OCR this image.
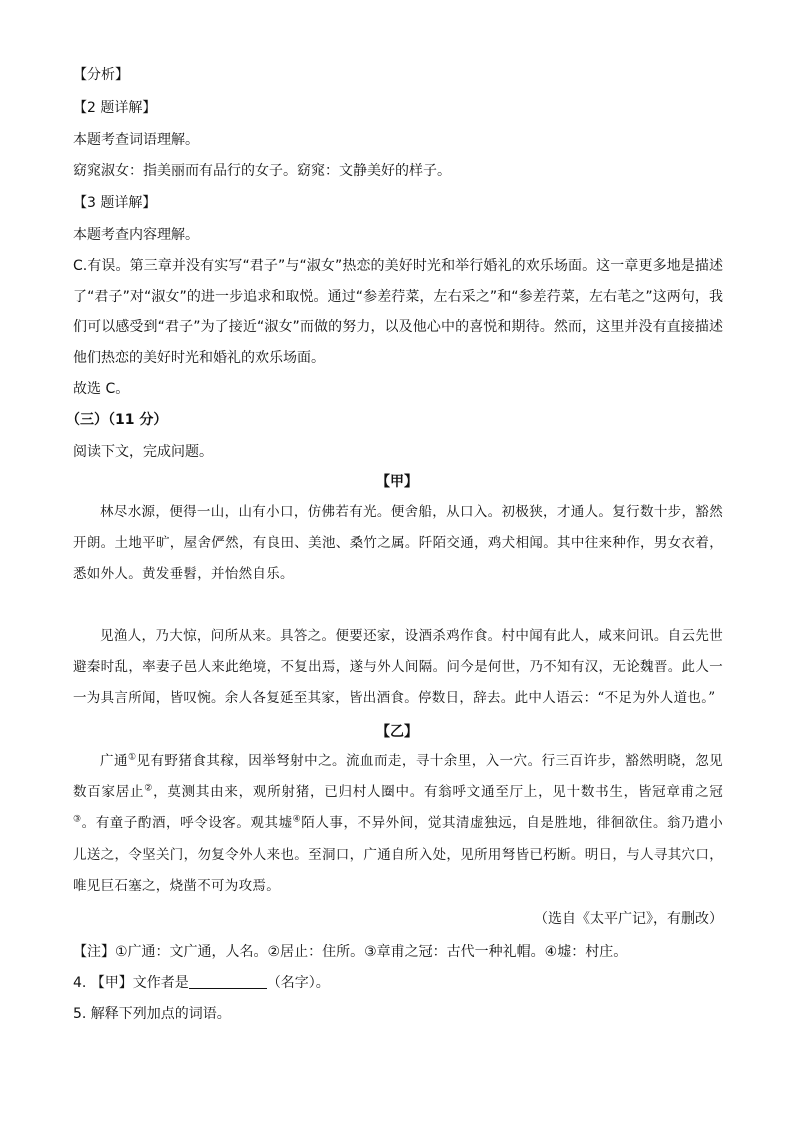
【分析】

【2 题详解】

本题考查词语理解。

窈窕淑女：指美丽而有品行的女子。窈窕：文静美好的样子。

【3 题详解】

本题考查内容理解。

C.有误。第三章并没有实写“君子”与“淑女”热恋的美好时光和举行婚礼的欢乐场面。这一章更多地是描述了“君子”对“淑女”的进一步追求和取悦。通过“参差荇菜，左右采之”和“参差荇菜，左右芼之”这两句，我们可以感受到“君子”为了接近“淑女”而做的努力，以及他心中的喜悦和期待。然而，这里并没有直接描述他们热恋的美好时光和婚礼的欢乐场面。

故选 C。

（三）（11 分）

阅读下文，完成问题。

【甲】

林尽水源，便得一山，山有小口，仿佛若有光。便舍船，从口入。初极狭，才通人。复行数十步，豁然开朗。土地平旷，屋舍俨然，有良田、美池、桑竹之属。阡陌交通，鸡犬相闻。其中往来种作，男女衣着，悉如外人。黄发垂髫，并怡然自乐。

见渔人，乃大惊，问所从来。具答之。便要还家，设酒杀鸡作食。村中闻有此人，咸来问讯。自云先世避秦时乱，率妻子邑人来此绝境，不复出焉，遂与外人间隔。问今是何世，乃不知有汉，无论魏晋。此人一一为具言所闻，皆叹惋。余人各复延至其家，皆出酒食。停数日，辞去。此中人语云：“不足为外人道也。”

【乙】

广通①见有野猪食其稼，因举弩射中之。流血而走，寻十余里，入一穴。行三百许步，豁然明晓，忽见数百家居止②，莫测其由来，观所射猪，已归村人圈中。有翁呼文通至厅上，见十数书生，皆冠章甫之冠③。有童子酌酒，呼令设客。观其墟④陌人事，不异外间，觉其清虚独远，自是胜地，徘徊欲住。翁乃遣小儿送之，令坚关门，勿复令外人来也。至洞口，广通自所入处，见所用弩皆已朽断。明日，与人寻其穴口，唯见巨石塞之，烧凿不可为攻焉。

（选自《太平广记》，有删改）

【注】①广通：文广通，人名。②居止：住所。③章甫之冠：古代一种礼帽。④墟：村庄。

4. 【甲】文作者是	（名字）。

5. 解释下列加点的词语。
